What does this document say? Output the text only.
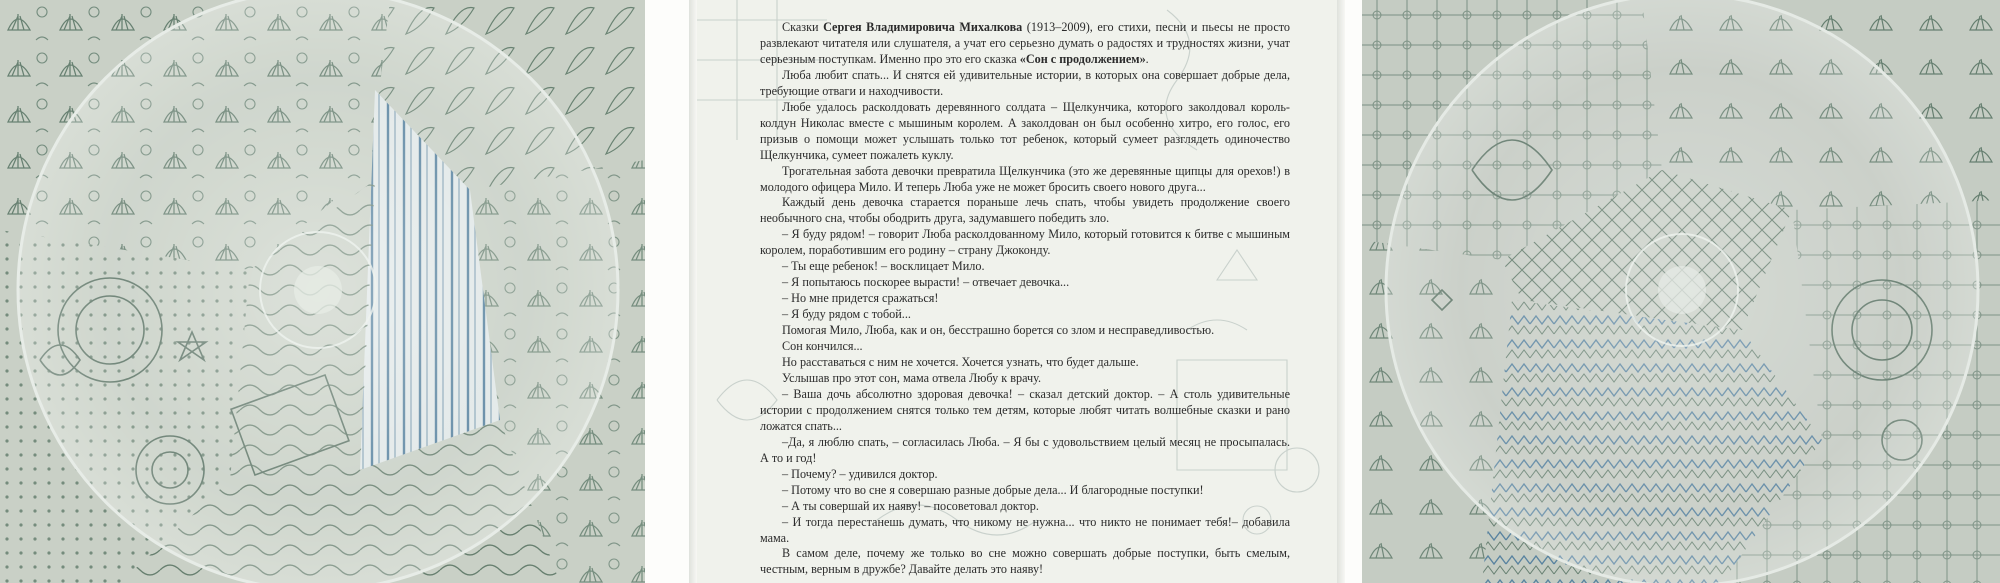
Сказки Сергея Владимировича Михалкова (1913–2009), его стихи, песни и пьесы не просто развлекают читателя или слушателя, а учат его серьезно думать о радостях и трудностях жизни, учат серьезным поступкам. Именно про это его сказка «Сон с продолжением».

Люба любит спать... И снятся ей удивительные истории, в которых она совершает добрые дела, требующие отваги и находчивости.

Любе удалось расколдовать деревянного солдата – Щелкунчика, которого заколдовал король-колдун Николас вместе с мышиным королем. А заколдован он был особенно хитро, его голос, его призыв о помощи может услышать только тот ребенок, который сумеет разглядеть одиночество Щелкунчика, сумеет пожалеть куклу.

Трогательная забота девочки превратила Щелкунчика (это же деревянные щипцы для орехов!) в молодого офицера Мило. И теперь Люба уже не может бросить своего нового друга...

Каждый день девочка старается пораньше лечь спать, чтобы увидеть продолжение своего необычного сна, чтобы ободрить друга, задумавшего победить зло.

– Я буду рядом! – говорит Люба расколдованному Мило, который готовится к битве с мышиным королем, поработившим его родину – страну Джоконду.

– Ты еще ребенок! – восклицает Мило.

– Я попытаюсь поскорее вырасти! – отвечает девочка...

– Но мне придется сражаться!

– Я буду рядом с тобой...

Помогая Мило, Люба, как и он, бесстрашно борется со злом и несправедливостью.

Сон кончился...

Но расставаться с ним не хочется. Хочется узнать, что будет дальше.

Услышав про этот сон, мама отвела Любу к врачу.

– Ваша дочь абсолютно здоровая девочка! – сказал детский доктор. – А столь удивительные истории с продолжением снятся только тем детям, которые любят читать волшебные сказки и рано ложатся спать...

–Да, я люблю спать, – согласилась Люба. – Я бы с удовольствием целый месяц не просыпалась. А то и год!

– Почему? – удивился доктор.

– Потому что во сне я совершаю разные добрые дела... И благородные поступки!

– А ты совершай их наяву! – посоветовал доктор.

– И тогда перестанешь думать, что никому не нужна... что никто не понимает тебя!– добавила мама.

В самом деле, почему же только во сне можно совершать добрые поступки, быть смелым, честным, верным в дружбе? Давайте делать это наяву!
